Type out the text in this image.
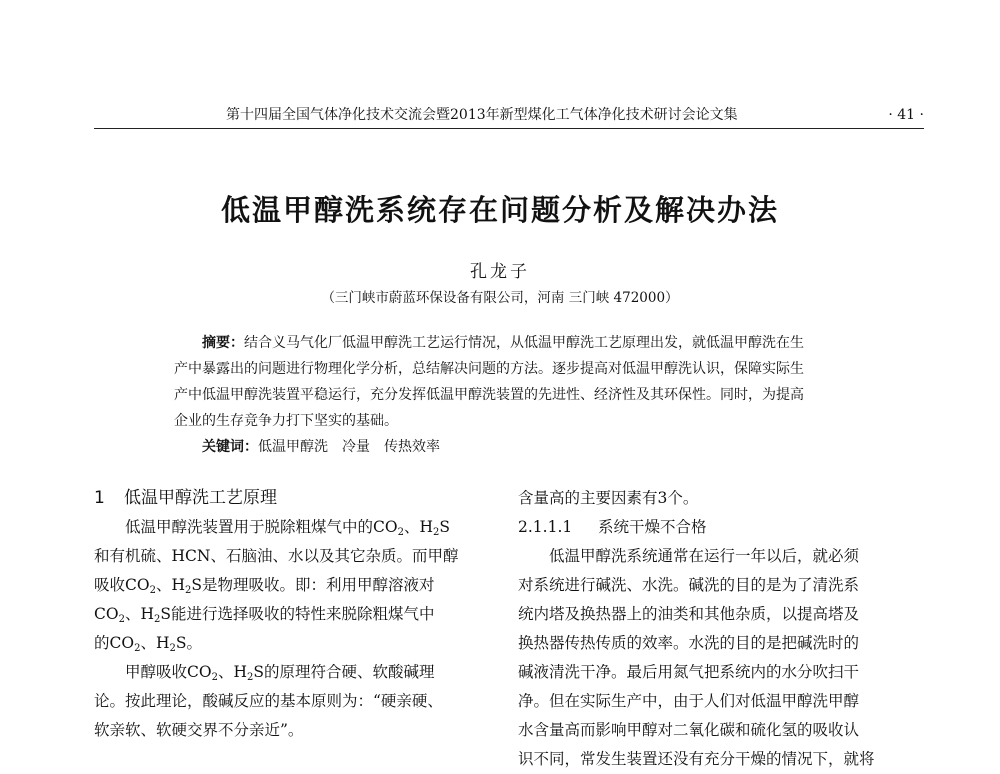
第十四届全国气体净化技术交流会暨2013年新型煤化工气体净化技术研讨会论文集	· 41 ·
低温甲醇洗系统存在问题分析及解决办法
孔龙子
（三门峡市蔚蓝环保设备有限公司，河南 三门峡 472000）
摘要：结合义马气化厂低温甲醇洗工艺运行情况，从低温甲醇洗工艺原理出发，就低温甲醇洗在生
产中暴露出的问题进行物理化学分析，总结解决问题的方法。逐步提高对低温甲醇洗认识，保障实际生
产中低温甲醇洗装置平稳运行，充分发挥低温甲醇洗装置的先进性、经济性及其环保性。同时，为提高
企业的生存竞争力打下坚实的基础。
关键词：低温甲醇洗　冷量　传热效率
1 低温甲醇洗工艺原理
低温甲醇洗装置用于脱除粗煤气中的$CO_2$、$H_2S$
和有机硫、HCN、石脑油、水以及其它杂质。而甲醇
吸收$CO_2$、$H_2S$是物理吸收。即：利用甲醇溶液对
$CO_2$、$H_2S$能进行选择吸收的特性来脱除粗煤气中
的$CO_2$、$H_2S$。
甲醇吸收$CO_2$、$H_2S$的原理符合硬、软酸碱理
论。按此理论，酸碱反应的基本原则为：“硬亲硬、
软亲软、软硬交界不分亲近”。
含量高的主要因素有3个。
2.1.1.1 系统干燥不合格
低温甲醇洗系统通常在运行一年以后，就必须
对系统进行碱洗、水洗。碱洗的目的是为了清洗系
统内塔及换热器上的油类和其他杂质，以提高塔及
换热器传热传质的效率。水洗的目的是把碱洗时的
碱液清洗干净。最后用氮气把系统内的水分吹扫干
净。但在实际生产中，由于人们对低温甲醇洗甲醇
水含量高而影响甲醇对二氧化碳和硫化氢的吸收认
识不同，常发生装置还没有充分干燥的情况下，就将
